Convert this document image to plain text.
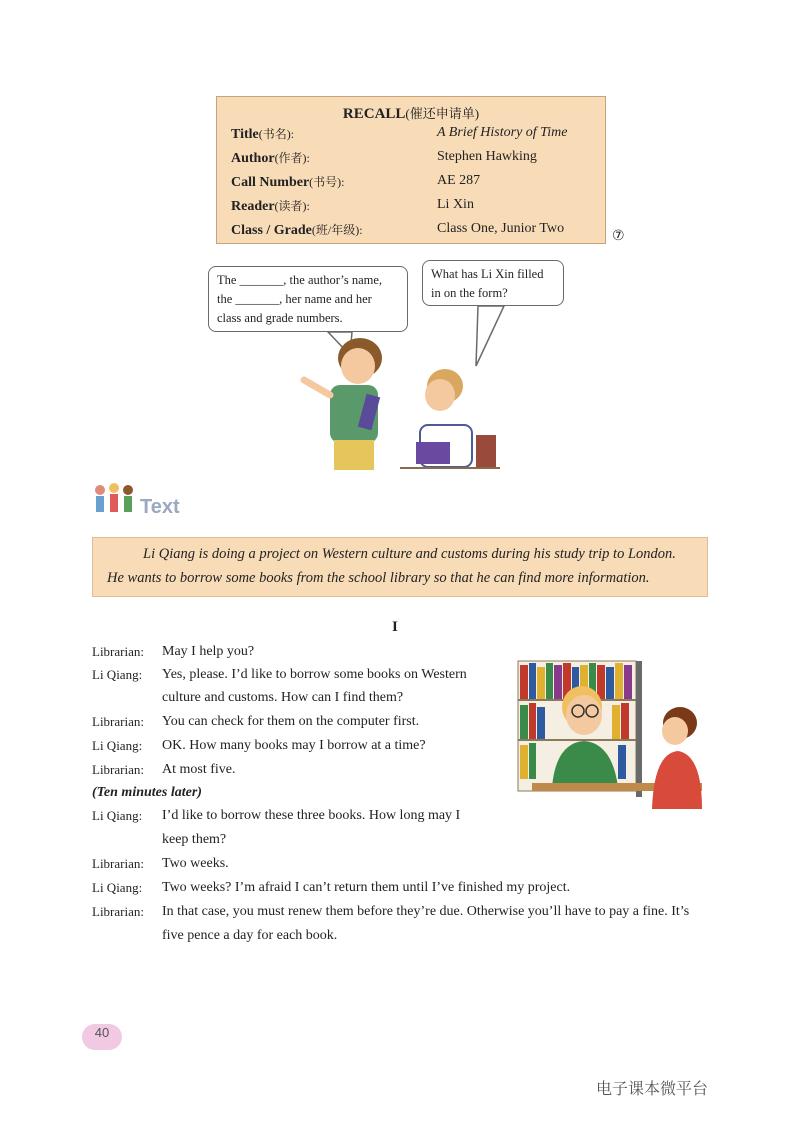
RECALL(催还申请单)
Title(书名):	A Brief History of Time
Author(作者):	Stephen Hawking
Call Number(书号):	AE 287
Reader(读者):	Li Xin
Class / Grade(班/年级):	Class One, Junior Two	⑦
The _______, the author’s name,
the _______, her name and her
class and grade numbers.
What has Li Xin filled
in on the form?
Text
Li Qiang is doing a project on Western culture and customs during his study trip to London.
He wants to borrow some books from the school library so that he can find more information.
I
Librarian: May I help you?
Li Qiang: Yes, please. I’d like to borrow some books on Western
culture and customs. How can I find them?
Librarian: You can check for them on the computer first.
Li Qiang: OK. How many books may I borrow at a time?
Librarian: At most five.
(Ten minutes later)
Li Qiang: I’d like to borrow these three books. How long may I
keep them?
Librarian: Two weeks.
Li Qiang: Two weeks? I’m afraid I can’t return them until I’ve finished my project.
Librarian: In that case, you must renew them before they’re due. Otherwise you’ll have to pay a fine. It’s
five pence a day for each book.
40
电子课本微平台
